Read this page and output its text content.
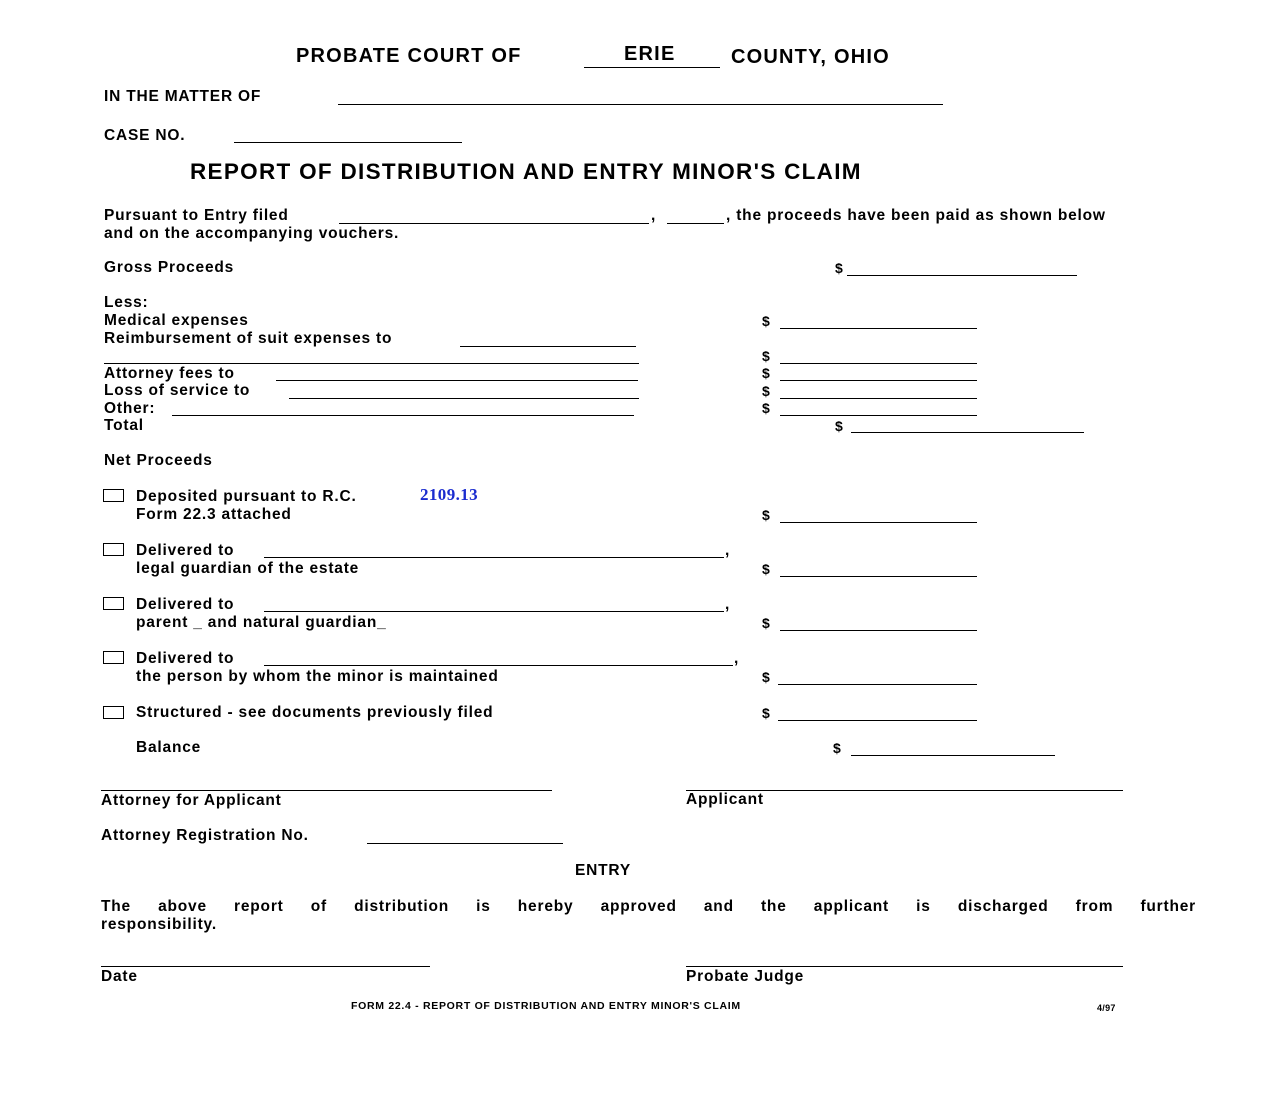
PROBATE COURT OF	ERIE	COUNTY, OHIO
IN THE MATTER OF
CASE NO.
REPORT OF DISTRIBUTION AND ENTRY MINOR'S CLAIM
Pursuant to Entry filed	,	, the proceeds have been paid as shown below
and on the accompanying vouchers.
Gross Proceeds	$
Less:
Medical expenses	$
Reimbursement of suit expenses to
$
Attorney fees to	$
Loss of service to	$
Other:	$
Total	$
Net Proceeds
Deposited pursuant to R.C.	2109.13
Form 22.3 attached	$
Delivered to	,
legal guardian of the estate	$
Delivered to	,
parent _ and natural guardian_	$
Delivered to	,
the person by whom the minor is maintained	$
Structured - see documents previously filed	$
Balance	$
Attorney for Applicant	Applicant
Attorney Registration No.
ENTRY
The above report of distribution is hereby approved and the applicant is discharged from further
responsibility.
Date	Probate Judge
FORM 22.4 - REPORT OF DISTRIBUTION AND ENTRY MINOR'S CLAIM	4/97
